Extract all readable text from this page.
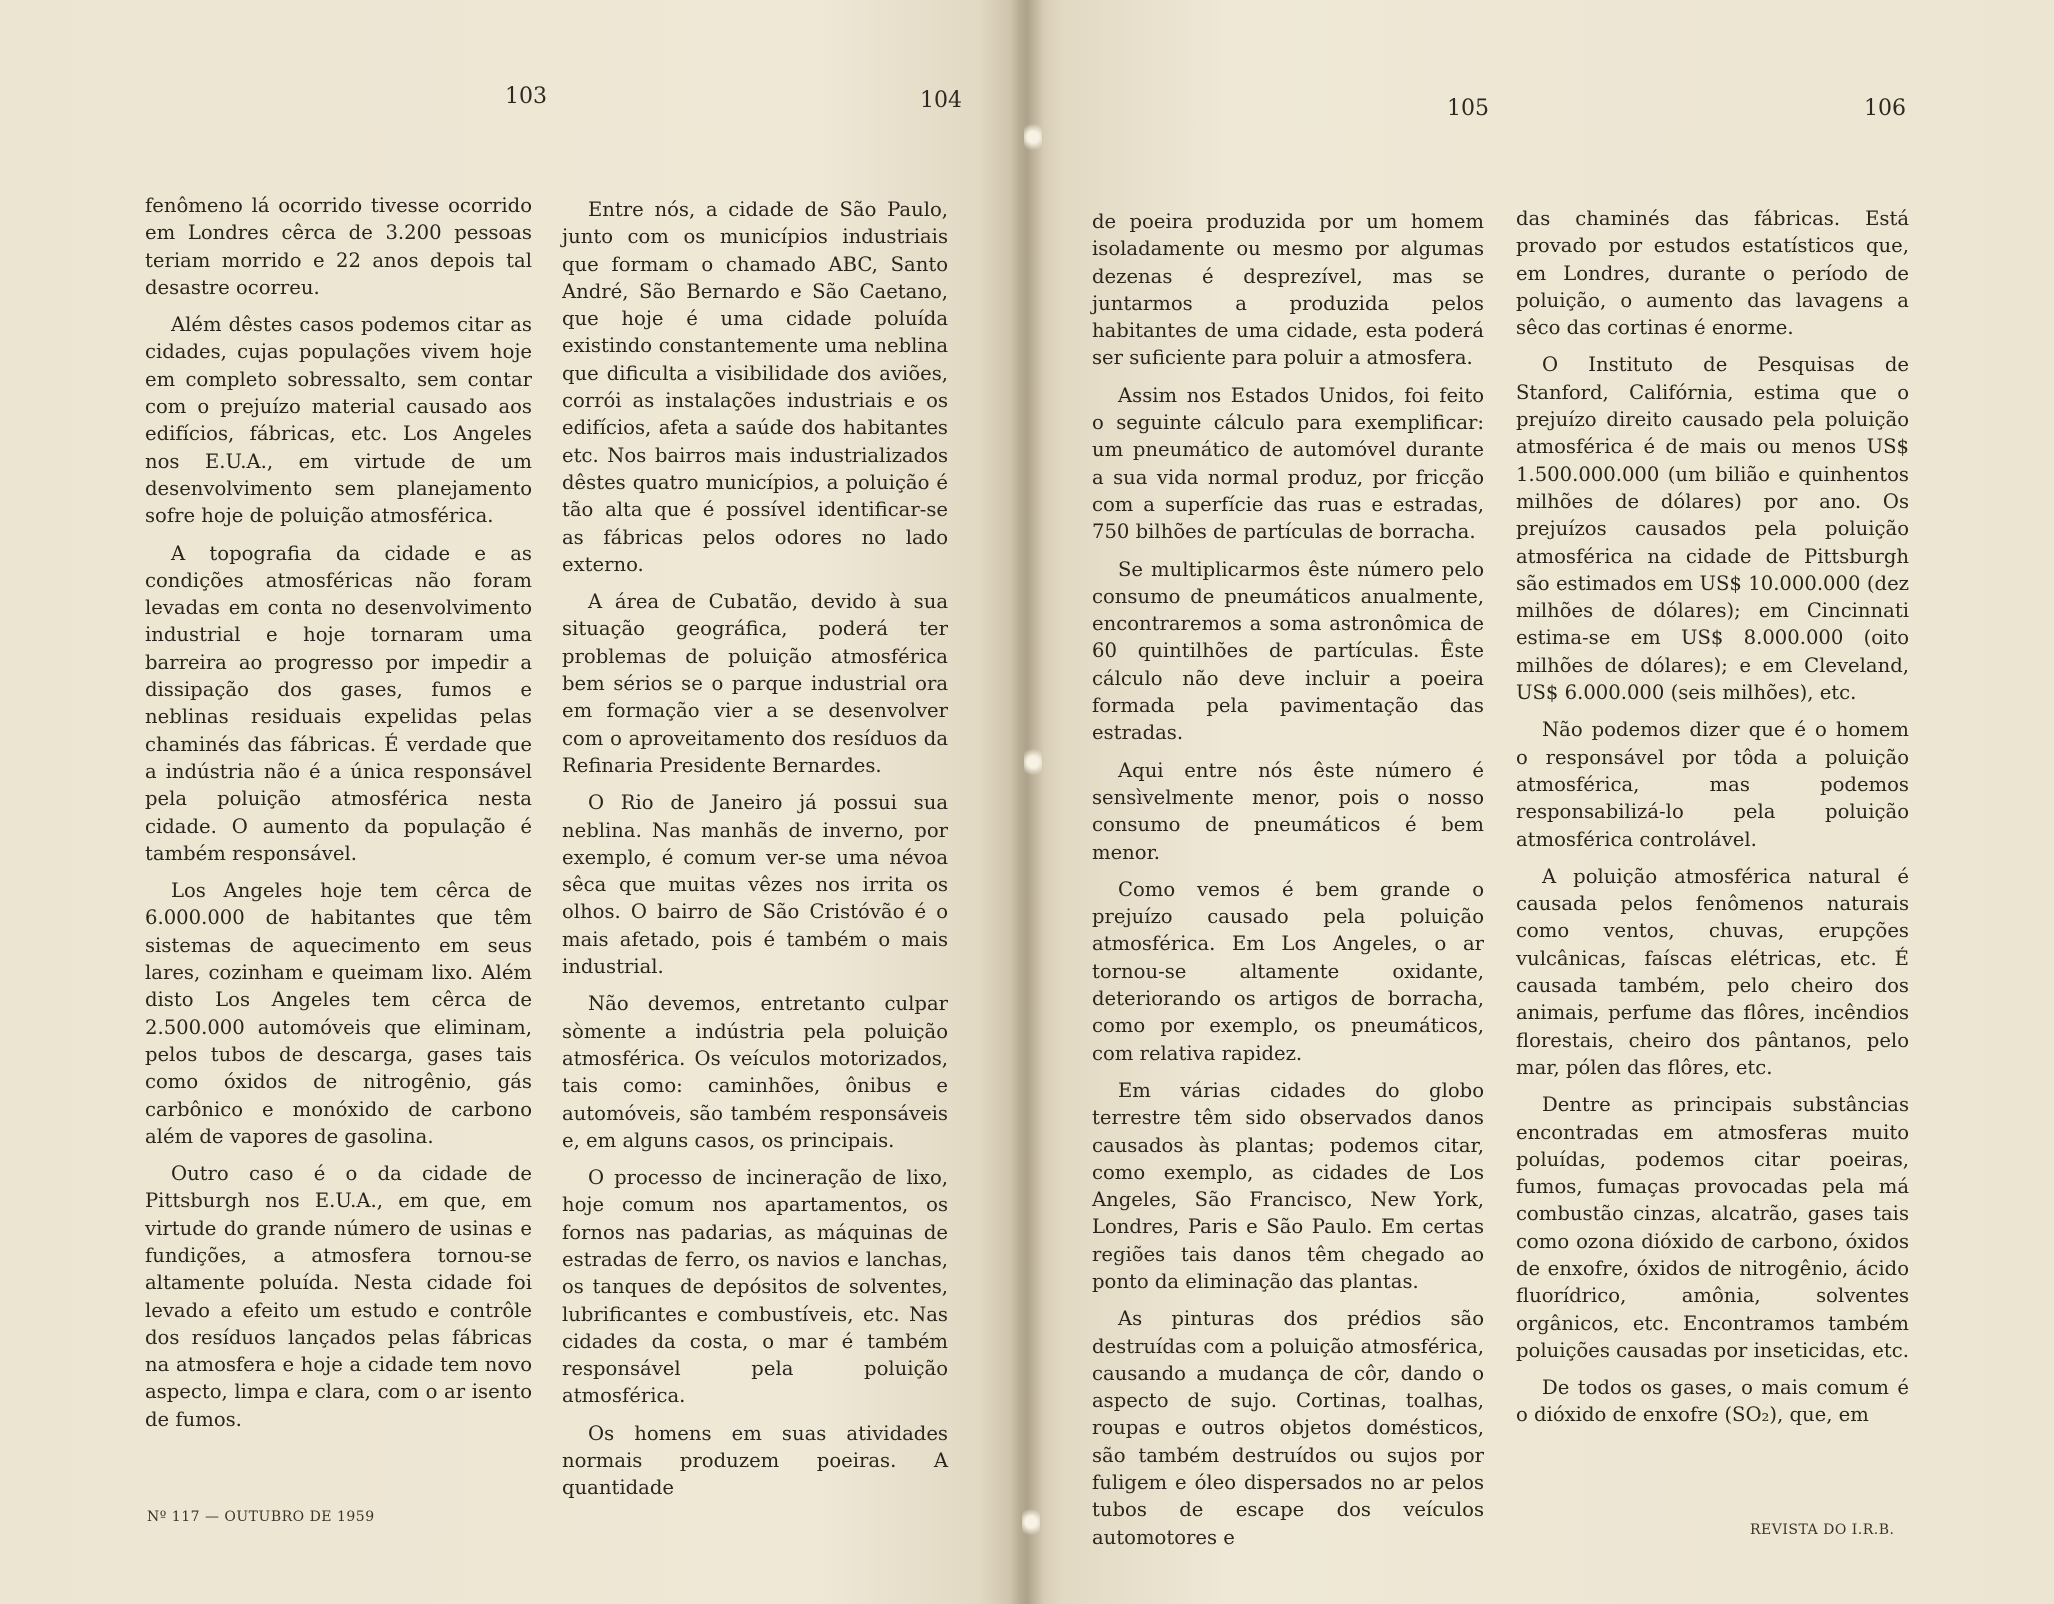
103	104

fenômeno lá ocorrido tivesse ocorrido em Londres cêrca de 3.200 pessoas teriam morrido e 22 anos depois tal desastre ocorreu.

Além dêstes casos podemos citar as cidades, cujas populações vivem hoje em completo sobressalto, sem contar com o prejuízo material causado aos edifícios, fábricas, etc. Los Angeles nos E.U.A., em virtude de um desenvolvimento sem planejamento sofre hoje de poluição atmosférica.

A topografia da cidade e as condições atmosféricas não foram levadas em conta no desenvolvimento industrial e hoje tornaram uma barreira ao progresso por impedir a dissipação dos gases, fumos e neblinas residuais expelidas pelas chaminés das fábricas. É verdade que a indústria não é a única responsável pela poluição atmosférica nesta cidade. O aumento da população é também responsável.

Los Angeles hoje tem cêrca de 6.000.000 de habitantes que têm sistemas de aquecimento em seus lares, cozinham e queimam lixo. Além disto Los Angeles tem cêrca de 2.500.000 automóveis que eliminam, pelos tubos de descarga, gases tais como óxidos de nitrogênio, gás carbônico e monóxido de carbono além de vapores de gasolina.

Outro caso é o da cidade de Pittsburgh nos E.U.A., em que, em virtude do grande número de usinas e fundições, a atmosfera tornou-se altamente poluída. Nesta cidade foi levado a efeito um estudo e contrôle dos resíduos lançados pelas fábricas na atmosfera e hoje a cidade tem novo aspecto, limpa e clara, com o ar isento de fumos.

Entre nós, a cidade de São Paulo, junto com os municípios industriais que formam o chamado ABC, Santo André, São Bernardo e São Caetano, que hoje é uma cidade poluída existindo constantemente uma neblina que dificulta a visibilidade dos aviões, corrói as instalações industriais e os edifícios, afeta a saúde dos habitantes etc. Nos bairros mais industrializados dêstes quatro municípios, a poluição é tão alta que é possível identificar-se as fábricas pelos odores no lado externo.

A área de Cubatão, devido à sua situação geográfica, poderá ter problemas de poluição atmosférica bem sérios se o parque industrial ora em formação vier a se desenvolver com o aproveitamento dos resíduos da Refinaria Presidente Bernardes.

O Rio de Janeiro já possui sua neblina. Nas manhãs de inverno, por exemplo, é comum ver-se uma névoa sêca que muitas vêzes nos irrita os olhos. O bairro de São Cristóvão é o mais afetado, pois é também o mais industrial.

Não devemos, entretanto culpar sòmente a indústria pela poluição atmosférica. Os veículos motorizados, tais como: caminhões, ônibus e automóveis, são também responsáveis e, em alguns casos, os principais.

O processo de incineração de lixo, hoje comum nos apartamentos, os fornos nas padarias, as máquinas de estradas de ferro, os navios e lanchas, os tanques de depósitos de solventes, lubrificantes e combustíveis, etc. Nas cidades da costa, o mar é também responsável pela poluição atmosférica.

Os homens em suas atividades normais produzem poeiras. A quantidade

Nº 117 — OUTUBRO DE 1959
105	106

de poeira produzida por um homem isoladamente ou mesmo por algumas dezenas é desprezível, mas se juntarmos a produzida pelos habitantes de uma cidade, esta poderá ser suficiente para poluir a atmosfera.

Assim nos Estados Unidos, foi feito o seguinte cálculo para exemplificar: um pneumático de automóvel durante a sua vida normal produz, por fricção com a superfície das ruas e estradas, 750 bilhões de partículas de borracha.

Se multiplicarmos êste número pelo consumo de pneumáticos anualmente, encontraremos a soma astronômica de 60 quintilhões de partículas. Êste cálculo não deve incluir a poeira formada pela pavimentação das estradas.

Aqui entre nós êste número é sensìvelmente menor, pois o nosso consumo de pneumáticos é bem menor.

Como vemos é bem grande o prejuízo causado pela poluição atmosférica. Em Los Angeles, o ar tornou-se altamente oxidante, deteriorando os artigos de borracha, como por exemplo, os pneumáticos, com relativa rapidez.

Em várias cidades do globo terrestre têm sido observados danos causados às plantas; podemos citar, como exemplo, as cidades de Los Angeles, São Francisco, New York, Londres, Paris e São Paulo. Em certas regiões tais danos têm chegado ao ponto da eliminação das plantas.

As pinturas dos prédios são destruídas com a poluição atmosférica, causando a mudança de côr, dando o aspecto de sujo. Cortinas, toalhas, roupas e outros objetos domésticos, são também destruídos ou sujos por fuligem e óleo dispersados no ar pelos tubos de escape dos veículos automotores e

das chaminés das fábricas. Está provado por estudos estatísticos que, em Londres, durante o período de poluição, o aumento das lavagens a sêco das cortinas é enorme.

O Instituto de Pesquisas de Stanford, Califórnia, estima que o prejuízo direito causado pela poluição atmosférica é de mais ou menos US$ 1.500.000.000 (um bilião e quinhentos milhões de dólares) por ano. Os prejuízos causados pela poluição atmosférica na cidade de Pittsburgh são estimados em US$ 10.000.000 (dez milhões de dólares); em Cincinnati estima-se em US$ 8.000.000 (oito milhões de dólares); e em Cleveland, US$ 6.000.000 (seis milhões), etc.

Não podemos dizer que é o homem o responsável por tôda a poluição atmosférica, mas podemos responsabilizá-lo pela poluição atmosférica controlável.

A poluição atmosférica natural é causada pelos fenômenos naturais como ventos, chuvas, erupções vulcânicas, faíscas elétricas, etc. É causada também, pelo cheiro dos animais, perfume das flôres, incêndios florestais, cheiro dos pântanos, pelo mar, pólen das flôres, etc.

Dentre as principais substâncias encontradas em atmosferas muito poluídas, podemos citar poeiras, fumos, fumaças provocadas pela má combustão cinzas, alcatrão, gases tais como ozona dióxido de carbono, óxidos de enxofre, óxidos de nitrogênio, ácido fluorídrico, amônia, solventes orgânicos, etc. Encontramos também poluições causadas por inseticidas, etc.

De todos os gases, o mais comum é o dióxido de enxofre (SO₂), que, em

REVISTA DO I.R.B.
